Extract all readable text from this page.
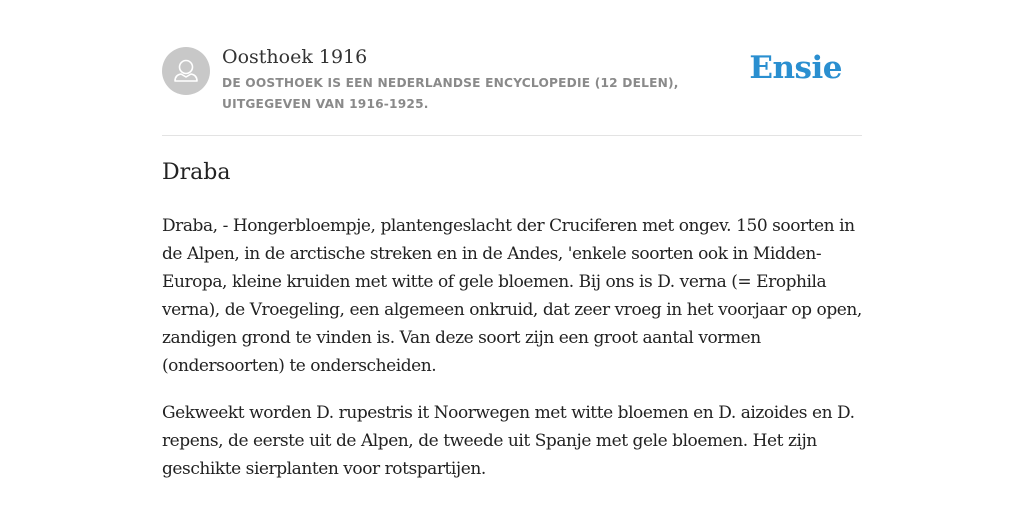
Oosthoek 1916
DE OOSTHOEK IS EEN NEDERLANDSE ENCYCLOPEDIE (12 DELEN), UITGEGEVEN VAN 1916-1925.
Ensie
Draba

Draba, - Hongerbloempje, plantengeslacht der Cruciferen met ongev. 150 soorten in de Alpen, in de arctische streken en in de Andes, 'enkele soorten ook in Midden-Europa, kleine kruiden met witte of gele bloemen. Bij ons is D. verna (= Erophila verna), de Vroegeling, een algemeen onkruid, dat zeer vroeg in het voorjaar op open, zandigen grond te vinden is. Van deze soort zijn een groot aantal vormen (ondersoorten) te onderscheiden.

Gekweekt worden D. rupestris it Noorwegen met witte bloemen en D. aizoides en D. repens, de eerste uit de Alpen, de tweede uit Spanje met gele bloemen. Het zijn geschikte sierplanten voor rotspartijen.
